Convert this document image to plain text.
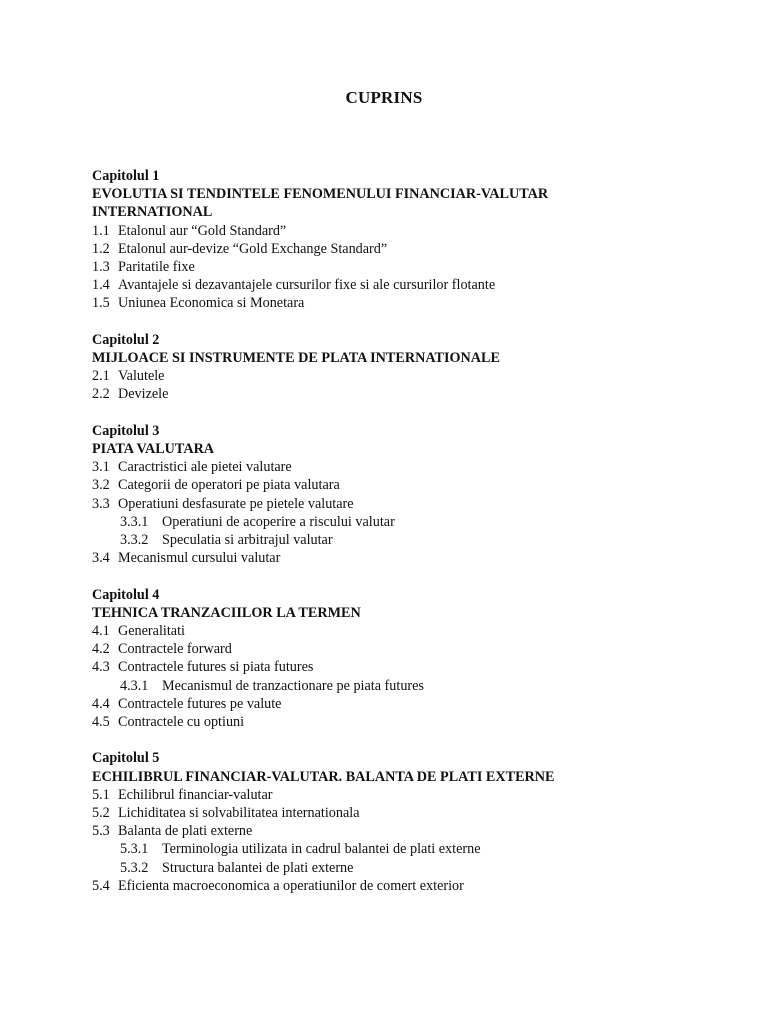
CUPRINS
Capitolul 1
EVOLUTIA SI TENDINTELE FENOMENULUI FINANCIAR-VALUTAR INTERNATIONAL
1.1 Etalonul aur “Gold Standard”
1.2 Etalonul aur-devize “Gold Exchange Standard”
1.3 Paritatile fixe
1.4 Avantajele si dezavantajele cursurilor fixe si ale cursurilor flotante
1.5 Uniunea Economica si Monetara
Capitolul 2
MIJLOACE SI INSTRUMENTE DE PLATA INTERNATIONALE
2.1 Valutele
2.2 Devizele
Capitolul 3
PIATA VALUTARA
3.1 Caractristici ale pietei valutare
3.2 Categorii de operatori pe piata valutara
3.3 Operatiuni desfasurate pe pietele valutare
3.3.1 Operatiuni de acoperire a riscului valutar
3.3.2 Speculatia si arbitrajul valutar
3.4 Mecanismul cursului valutar
Capitolul 4
TEHNICA TRANZACIILOR LA TERMEN
4.1 Generalitati
4.2 Contractele forward
4.3 Contractele futures si piata futures
4.3.1 Mecanismul de tranzactionare pe piata futures
4.4 Contractele futures pe valute
4.5 Contractele cu optiuni
Capitolul 5
ECHILIBRUL FINANCIAR-VALUTAR. BALANTA DE PLATI EXTERNE
5.1 Echilibrul financiar-valutar
5.2 Lichiditatea si solvabilitatea internationala
5.3 Balanta de plati externe
5.3.1 Terminologia utilizata in cadrul balantei de plati externe
5.3.2 Structura balantei de plati externe
5.4 Eficienta macroeconomica a operatiunilor de comert exterior
